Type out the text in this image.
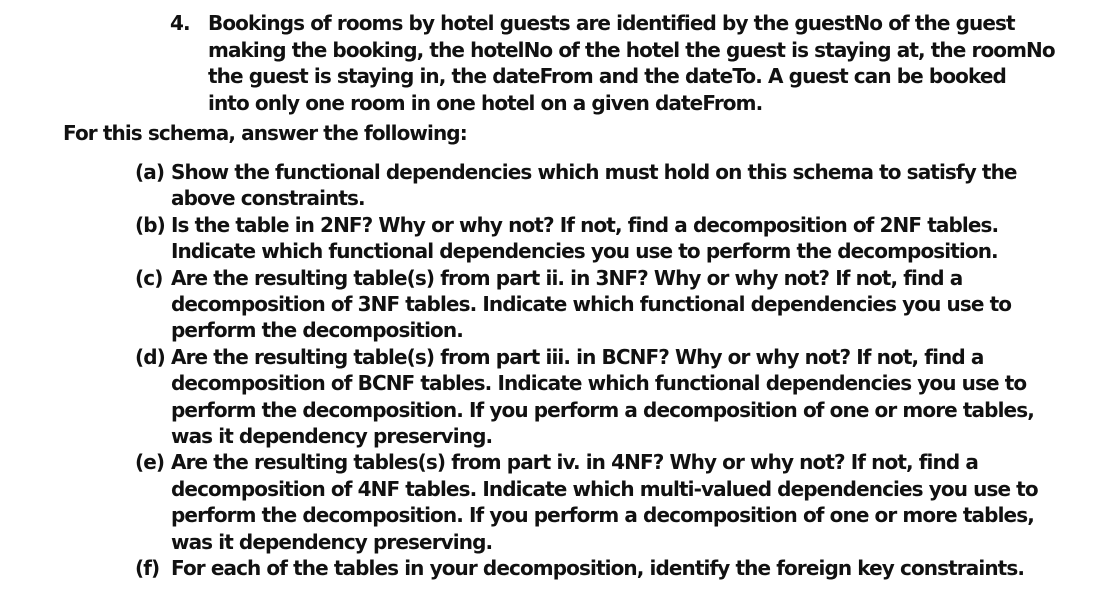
4. Bookings of rooms by hotel guests are identified by the guestNo of the guest
making the booking, the hotelNo of the hotel the guest is staying at, the roomNo
the guest is staying in, the dateFrom and the dateTo. A guest can be booked
into only one room in one hotel on a given dateFrom.
For this schema, answer the following:
(a) Show the functional dependencies which must hold on this schema to satisfy the
above constraints.
(b) Is the table in 2NF? Why or why not? If not, find a decomposition of 2NF tables.
Indicate which functional dependencies you use to perform the decomposition.
(c) Are the resulting table(s) from part ii. in 3NF? Why or why not? If not, find a
decomposition of 3NF tables. Indicate which functional dependencies you use to
perform the decomposition.
(d) Are the resulting table(s) from part iii. in BCNF? Why or why not? If not, find a
decomposition of BCNF tables. Indicate which functional dependencies you use to
perform the decomposition. If you perform a decomposition of one or more tables,
was it dependency preserving.
(e) Are the resulting tables(s) from part iv. in 4NF? Why or why not? If not, find a
decomposition of 4NF tables. Indicate which multi-valued dependencies you use to
perform the decomposition. If you perform a decomposition of one or more tables,
was it dependency preserving.
(f) For each of the tables in your decomposition, identify the foreign key constraints.
